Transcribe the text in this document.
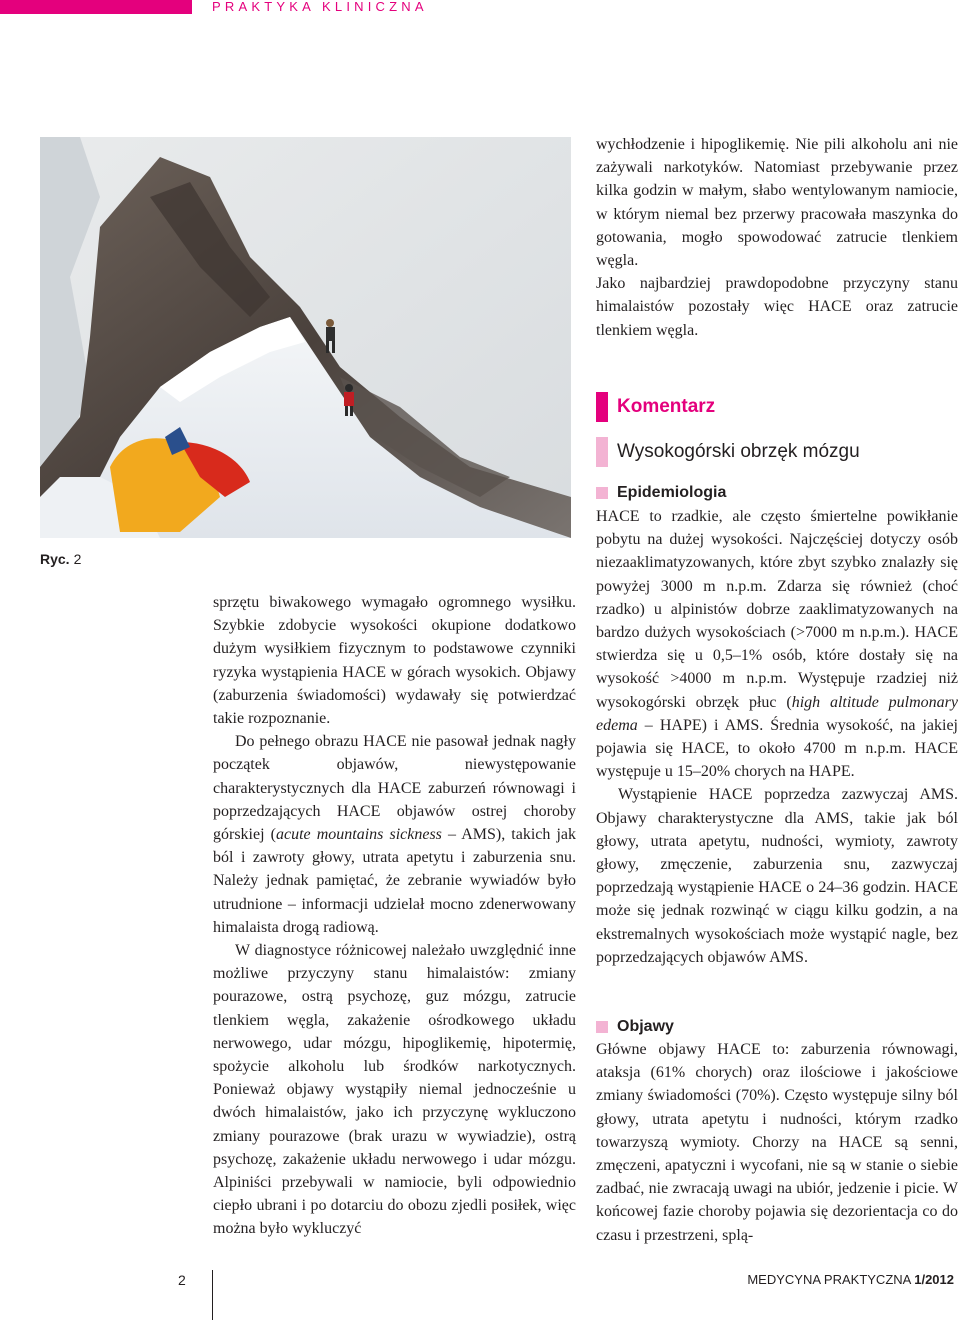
PRAKTYKA KLINICZNA
Ryc. 2

sprzętu biwakowego wymagało ogromnego wysiłku. Szybkie zdobycie wysokości okupione dodatkowo dużym wysiłkiem fizycznym to podstawowe czynniki ryzyka wystąpienia HACE w górach wysokich. Objawy (zaburzenia świadomości) wydawały się potwierdzać takie rozpoznanie.

Do pełnego obrazu HACE nie pasował jednak nagły początek objawów, niewystępowanie charakterystycznych dla HACE zaburzeń równowagi i poprzedzających HACE objawów ostrej choroby górskiej (acute mountains sickness – AMS), takich jak ból i zawroty głowy, utrata apetytu i zaburzenia snu. Należy jednak pamiętać, że zebranie wywiadów było utrudnione – informacji udzielał mocno zdenerwowany himalaista drogą radiową.

W diagnostyce różnicowej należało uwzględnić inne możliwe przyczyny stanu himalaistów: zmiany pourazowe, ostrą psychozę, guz mózgu, zatrucie tlenkiem węgla, zakażenie ośrodkowego układu nerwowego, udar mózgu, hipoglikemię, hipotermię, spożycie alkoholu lub środków narkotycznych. Ponieważ objawy wystąpiły niemal jednocześnie u dwóch himalaistów, jako ich przyczynę wykluczono zmiany pourazowe (brak urazu w wywiadzie), ostrą psychozę, zakażenie układu nerwowego i udar mózgu. Alpiniści przebywali w namiocie, byli odpowiednio ciepło ubrani i po dotarciu do obozu zjedli posiłek, więc można było wykluczyć

wychłodzenie i hipoglikemię. Nie pili alkoholu ani nie zażywali narkotyków. Natomiast przebywanie przez kilka godzin w małym, słabo wentylowanym namiocie, w którym niemal bez przerwy pracowała maszynka do gotowania, mogło spowodować zatrucie tlenkiem węgla.

Jako najbardziej prawdopodobne przyczyny stanu himalaistów pozostały więc HACE oraz zatrucie tlenkiem węgla.

Komentarz
Wysokogórski obrzęk mózgu
Epidemiologia

HACE to rzadkie, ale często śmiertelne powikłanie pobytu na dużej wysokości. Najczęściej dotyczy osób niezaaklimatyzowanych, które zbyt szybko znalazły się powyżej 3000 m n.p.m. Zdarza się również (choć rzadko) u alpinistów dobrze zaaklimatyzowanych na bardzo dużych wysokościach (>7000 m n.p.m.). HACE stwierdza się u 0,5–1% osób, które dostały się na wysokość >4000 m n.p.m. Występuje rzadziej niż wysokogórski obrzęk płuc (high altitude pulmonary edema – HAPE) i AMS. Średnia wysokość, na jakiej pojawia się HACE, to około 4700 m n.p.m. HACE występuje u 15–20% chorych na HAPE.

Wystąpienie HACE poprzedza zazwyczaj AMS. Objawy charakterystyczne dla AMS, takie jak ból głowy, utrata apetytu, nudności, wymioty, zawroty głowy, zmęczenie, zaburzenia snu, zazwyczaj poprzedzają wystąpienie HACE o 24–36 godzin. HACE może się jednak rozwinąć w ciągu kilku godzin, a na ekstremalnych wysokościach może wystąpić nagle, bez poprzedzających objawów AMS.

Objawy

Główne objawy HACE to: zaburzenia równowagi, ataksja (61% chorych) oraz ilościowe i jakościowe zmiany świadomości (70%). Często występuje silny ból głowy, utrata apetytu i nudności, którym rzadko towarzyszą wymioty. Chorzy na HACE są senni, zmęczeni, apatyczni i wycofani, nie są w stanie o siebie zadbać, nie zwracają uwagi na ubiór, jedzenie i picie. W końcowej fazie choroby pojawia się dezorientacja co do czasu i przestrzeni, splą-

2	MEDYCYNA PRAKTYCZNA 1/2012
